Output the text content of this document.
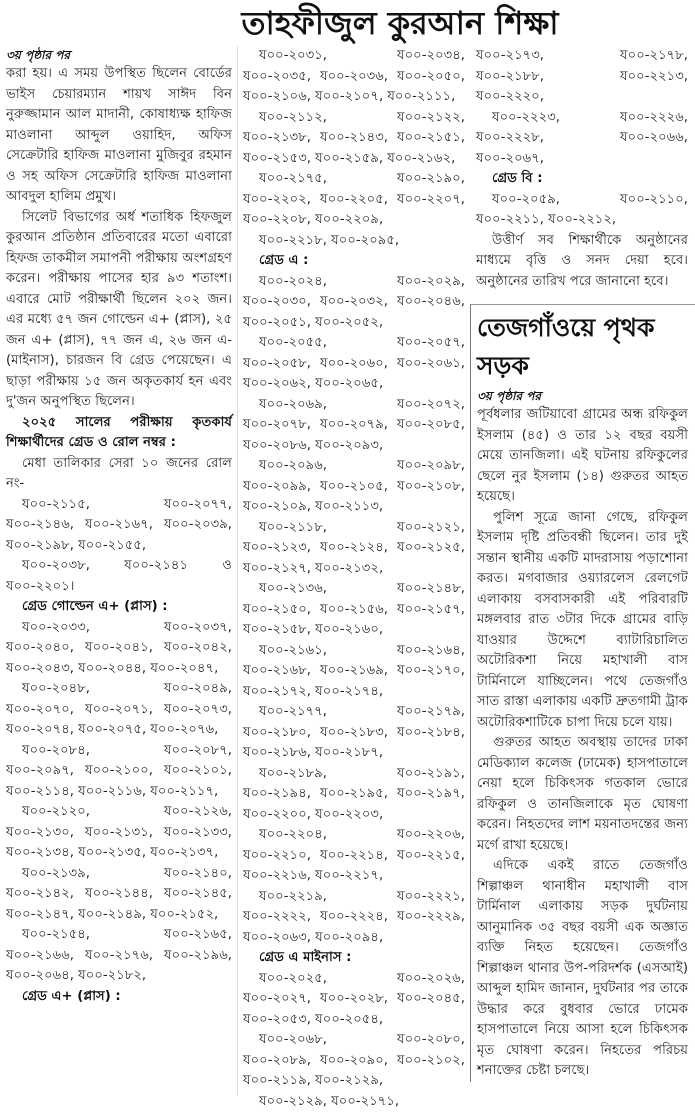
তাহফীজুল কুরআন শিক্ষা
৩য় পৃষ্ঠার পর

করা হয়। এ সময় উপস্থিত ছিলেন বোর্ডের ভাইস চেয়ারম্যান শায়খ সাঈদ বিন নুরুজ্জামান আল মাদানী, কোষাধ্যক্ষ হাফিজ মাওলানা আব্দুল ওয়াহিদ, অফিস সেক্রেটারি হাফিজ মাওলানা মুজিবুর রহমান ও সহ অফিস সেক্রেটারি হাফিজ মাওলানা আবদুল হালিম প্রমুখ।

সিলেট বিভাগের অর্ধ শতাধিক হিফজুল কুরআন প্রতিষ্ঠান প্রতিবারের মতো এবারো হিফজ তাকমীল সমাপনী পরীক্ষায় অংশগ্রহণ করেন। পরীক্ষায় পাসের হার ৯৩ শতাংশ। এবারে মোট পরীক্ষার্থী ছিলেন ২০২ জন। এর মধ্যে ৫৭ জন গোল্ডেন এ+ (প্লাস), ২৫ জন এ+ (প্লাস), ৭৭ জন এ, ২৬ জন এ- (মাইনাস), চারজন বি গ্রেড পেয়েছেন। এ ছাড়া পরীক্ষায় ১৫ জন অকৃতকার্য হন এবং দু'জন অনুপস্থিত ছিলেন।

২০২৫ সালের পরীক্ষায় কৃতকার্য শিক্ষার্থীদের গ্রেড ও রোল নম্বর :

মেধা তালিকার সেরা ১০ জনের রোল নং-

য০০-২১১৫, য০০-২০৭৭, য০০-২১৪৬, য০০-২১৬৭, য০০-২০৩৯, য০০-২১৯৮, য০০-২১৫৫,

য০০-২০৩৮, য০০-২১৪১ ও য০০-২২০১।

গ্রেড গোল্ডেন এ+ (প্লাস) :

য০০-২০৩৩, য০০-২০৩৭, য০০-২০৪০, য০০-২০৪১, য০০-২০৪২, য০০-২০৪৩, য০০-২০৪৪, য০০-২০৪৭,

য০০-২০৪৮, য০০-২০৪৯, য০০-২০৭০, য০০-২০৭১, য০০-২০৭৩, য০০-২০৭৪, য০০-২০৭৫, য০০-২০৭৬,

য০০-২০৮৪, য০০-২০৮৭, য০০-২০৯৭, য০০-২১০০, য০০-২১০১, য০০-২১১৪, য০০-২১১৬, য০০-২১১৭,

য০০-২১২০, য০০-২১২৬, য০০-২১৩০, য০০-২১৩১, য০০-২১৩৩, য০০-২১৩৪, য০০-২১৩৫, য০০-২১৩৭,

য০০-২১৩৯, য০০-২১৪০, য০০-২১৪২, য০০-২১৪৪, য০০-২১৪৫, য০০-২১৪৭, য০০-২১৪৯, য০০-২১৫২,

য০০-২১৫৪, য০০-২১৬৫, য০০-২১৬৬, য০০-২১৭৬, য০০-২১৯৬, য০০-২০৬৪, য০০-২১৮২,

গ্রেড এ+ (প্লাস) :

য০০-২০৩১, য০০-২০৩৪, য০০-২০৩৫, য০০-২০৩৬, য০০-২০৫০, য০০-২১০৬, য০০-২১০৭, য০০-২১১১,

য০০-২১১২, য০০-২১২২, য০০-২১৩৮, য০০-২১৪৩, য০০-২১৫১, য০০-২১৫৩, য০০-২১৫৯, য০০-২১৬২,

য০০-২১৭৫, য০০-২১৯০, য০০-২২০২, য০০-২২০৫, য০০-২২০৭, য০০-২২০৮, য০০-২২০৯,

য০০-২২১৮, য০০-২০৯৫,

গ্রেড এ :

য০০-২০২৪, য০০-২০২৯, য০০-২০৩০, য০০-২০৩২, য০০-২০৪৬, য০০-২০৫১, য০০-২০৫২,

য০০-২০৫৫, য০০-২০৫৭, য০০-২০৫৮, য০০-২০৬০, য০০-২০৬১, য০০-২০৬২, য০০-২০৬৫,

য০০-২০৬৯, য০০-২০৭২, য০০-২০৭৮, য০০-২০৭৯, য০০-২০৮৫, য০০-২০৮৬, য০০-২০৯৩,

য০০-২০৯৬, য০০-২০৯৮, য০০-২০৯৯, য০০-২১০৫, য০০-২১০৮, য০০-২১০৯, য০০-২১১৩,

য০০-২১১৮, য০০-২১২১, য০০-২১২৩, য০০-২১২৪, য০০-২১২৫, য০০-২১২৭, য০০-২১৩২,

য০০-২১৩৬, য০০-২১৪৮, য০০-২১৫০, য০০-২১৫৬, য০০-২১৫৭, য০০-২১৫৮, য০০-২১৬০,

য০০-২১৬১, য০০-২১৬৪, য০০-২১৬৮, য০০-২১৬৯, য০০-২১৭০, য০০-২১৭২, য০০-২১৭৪,

য০০-২১৭৭, য০০-২১৭৯, য০০-২১৮০, য০০-২১৮৩, য০০-২১৮৪, য০০-২১৮৬, য০০-২১৮৭,

য০০-২১৮৯, য০০-২১৯১, য০০-২১৯৪, য০০-২১৯৫, য০০-২১৯৭, য০০-২২০০, য০০-২২০৩,

য০০-২২০৪, য০০-২২০৬, য০০-২২১০, য০০-২২১৪, য০০-২২১৫, য০০-২২১৬, য০০-২২১৭,

য০০-২২১৯, য০০-২২২১, য০০-২২২২, য০০-২২২৪, য০০-২২২৯, য০০-২০৬৩, য০০-২০৯৪,

গ্রেড এ মাইনাস :

য০০-২০২৫, য০০-২০২৬, য০০-২০২৭, য০০-২০২৮, য০০-২০৪৫, য০০-২০৫৩, য০০-২০৫৪,

য০০-২০৬৮, য০০-২০৮০, য০০-২০৮৯, য০০-২০৯০, য০০-২১০২, য০০-২১১৯, য০০-২১২৯,

য০০-২১২৯, য০০-২১৭১,

য০০-২১৭৩, য০০-২১৭৮, য০০-২১৮৮, য০০-২২১৩, য০০-২২২০,

য০০-২২২৩, য০০-২২২৬, য০০-২২২৮, য০০-২০৬৬, য০০-২০৬৭,

গ্রেড বি :

য০০-২০৫৯, য০০-২১১০, য০০-২২১১, য০০-২২১২,

উত্তীর্ণ সব শিক্ষার্থীকে অনুষ্ঠানের মাধ্যমে বৃত্তি ও সনদ দেয়া হবে। অনুষ্ঠানের তারিখ পরে জানানো হবে।

তেজগাঁওয়ে পৃথক সড়ক
৩য় পৃষ্ঠার পর

পূর্বধলার জটিয়াবো গ্রামের অন্ধ রফিকুল ইসলাম (৪৫) ও তার ১২ বছর বয়সী মেয়ে তানজিলা। এই ঘটনায় রফিকুলের ছেলে নুর ইসলাম (১৪) গুরুতর আহত হয়েছে।

পুলিশ সূত্রে জানা গেছে, রফিকুল ইসলাম দৃষ্টি প্রতিবন্ধী ছিলেন। তার দুই সন্তান স্থানীয় একটি মাদরাসায় পড়াশোনা করত। মগবাজার ওয়্যারলেস রেলগেট এলাকায় বসবাসকারী এই পরিবারটি মঙ্গলবার রাত ৩টার দিকে গ্রামের বাড়ি যাওয়ার উদ্দেশে ব্যাটারিচালিত অটোরিকশা নিয়ে মহাখালী বাস টার্মিনালে যাচ্ছিলেন। পথে তেজগাঁও সাত রাস্তা এলাকায় একটি দ্রুতগামী ট্রাক অটোরিকশাটিকে চাপা দিয়ে চলে যায়।

গুরুতর আহত অবস্থায় তাদের ঢাকা মেডিক্যাল কলেজ (ঢামেক) হাসপাতালে নেয়া হলে চিকিৎসক গতকাল ভোরে রফিকুল ও তানজিলাকে মৃত ঘোষণা করেন। নিহতদের লাশ ময়নাতদন্তের জন্য মর্গে রাখা হয়েছে।

এদিকে একই রাতে তেজগাঁও শিল্পাঞ্চল থানাধীন মহাখালী বাস টার্মিনাল এলাকায় সড়ক দুর্ঘটনায় আনুমানিক ৩৫ বছর বয়সী এক অজ্ঞাত ব্যক্তি নিহত হয়েছেন। তেজগাঁও শিল্পাঞ্চল থানার উপ-পরিদর্শক (এসআই) আব্দুল হামিদ জানান, দুর্ঘটনার পর তাকে উদ্ধার করে বুধবার ভোরে ঢামেক হাসপাতালে নিয়ে আসা হলে চিকিৎসক মৃত ঘোষণা করেন। নিহতের পরিচয় শনাক্তের চেষ্টা চলছে।
